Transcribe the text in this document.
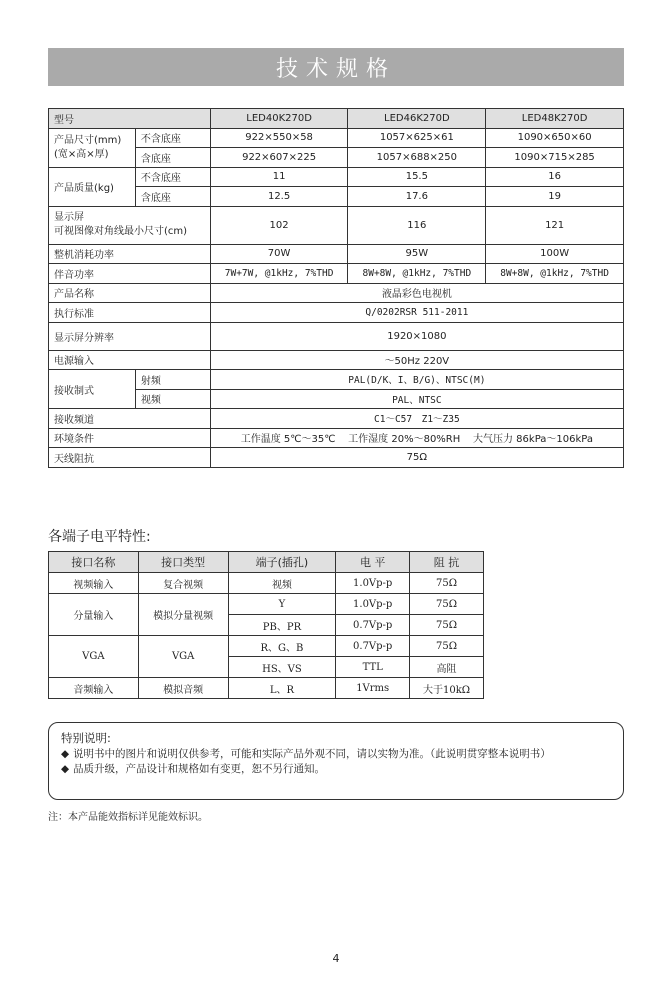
技术规格
型号		LED40K270D	LED46K270D	LED48K270D

产品尺寸(mm)
(宽×高×厚)	不含底座	922×550×58	1057×625×61	1090×650×60
	含底座	922×607×225	1057×688×250	1090×715×285
产品质量(kg)	不含底座	11	15.5	16
	含底座	12.5	17.6	19

显示屏
可视图像对角线最小尺寸(cm)		102	116	121
整机消耗功率		70W	95W	100W
伴音功率		7W+7W, @1kHz, 7%THD	8W+8W, @1kHz, 7%THD	8W+8W, @1kHz, 7%THD
产品名称		液晶彩色电视机		
执行标准		Q/0202RSR 511-2011		
显示屏分辨率		1920×1080		
电源输入		～50Hz 220V		
接收制式	射频	PAL(D/K、I、B/G)、NTSC(M)		
	视频	PAL、NTSC		
接收频道		C1～C57　Z1～Z35		
环境条件		工作温度 5℃～35℃ 工作湿度 20%～80%RH 大气压力 86kPa～106kPa		
天线阻抗		75Ω		
各端子电平特性:
接口名称	接口类型	端子(插孔)	电 平	阻 抗
视频输入	复合视频	视频	1.0Vp-p	75Ω
分量输入	模拟分量视频	Y	1.0Vp-p	75Ω
		PB、PR	0.7Vp-p	75Ω
VGA	VGA	R、G、B	0.7Vp-p	75Ω
		HS、VS	TTL	高阻
音频输入	模拟音频	L、R	1Vrms	大于10kΩ
特别说明:
◆ 说明书中的图片和说明仅供参考，可能和实际产品外观不同，请以实物为准。（此说明贯穿整本说明书）
◆ 品质升级，产品设计和规格如有变更，恕不另行通知。
注：本产品能效指标详见能效标识。
4
